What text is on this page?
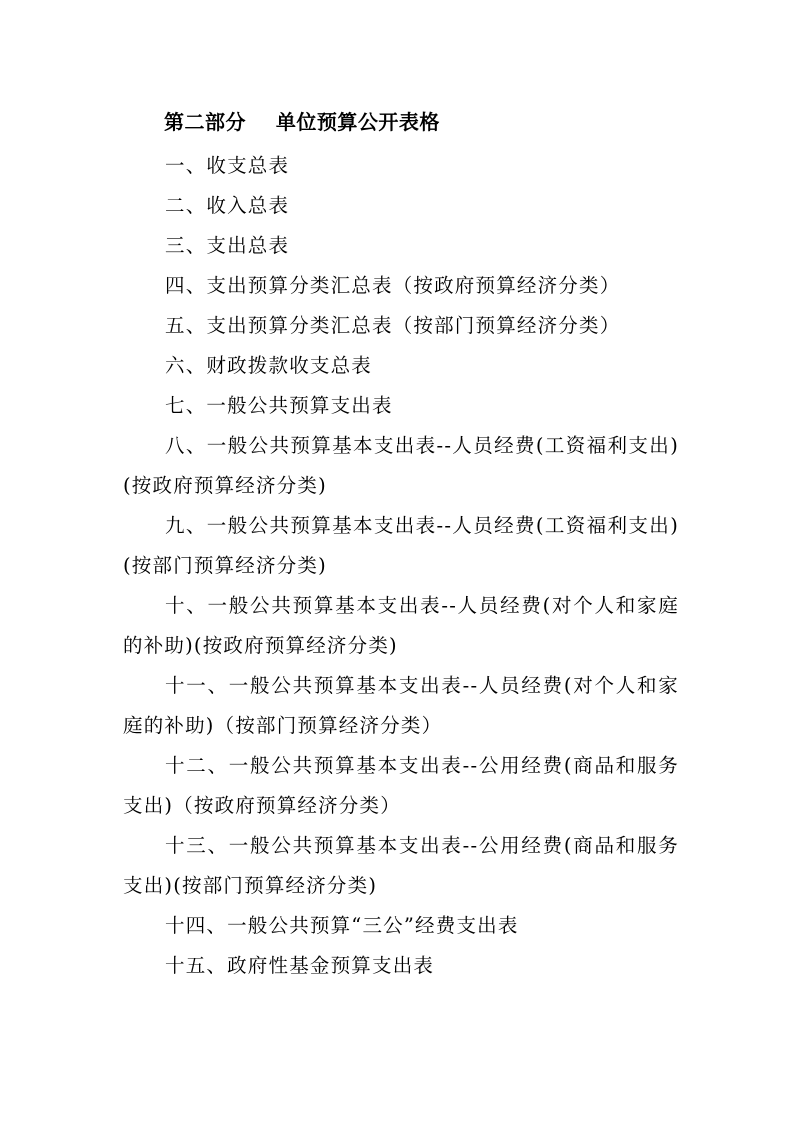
第二部分    单位预算公开表格
一、收支总表
二、收入总表
三、支出总表
四、支出预算分类汇总表（按政府预算经济分类）
五、支出预算分类汇总表（按部门预算经济分类）
六、财政拨款收支总表
七、一般公共预算支出表
八、一般公共预算基本支出表--人员经费(工资福利支出)(按政府预算经济分类)
九、一般公共预算基本支出表--人员经费(工资福利支出)(按部门预算经济分类)
十、一般公共预算基本支出表--人员经费(对个人和家庭的补助)(按政府预算经济分类)
十一、一般公共预算基本支出表--人员经费(对个人和家庭的补助)（按部门预算经济分类）
十二、一般公共预算基本支出表--公用经费(商品和服务支出)（按政府预算经济分类）
十三、一般公共预算基本支出表--公用经费(商品和服务支出)(按部门预算经济分类)
十四、一般公共预算“三公”经费支出表
十五、政府性基金预算支出表
